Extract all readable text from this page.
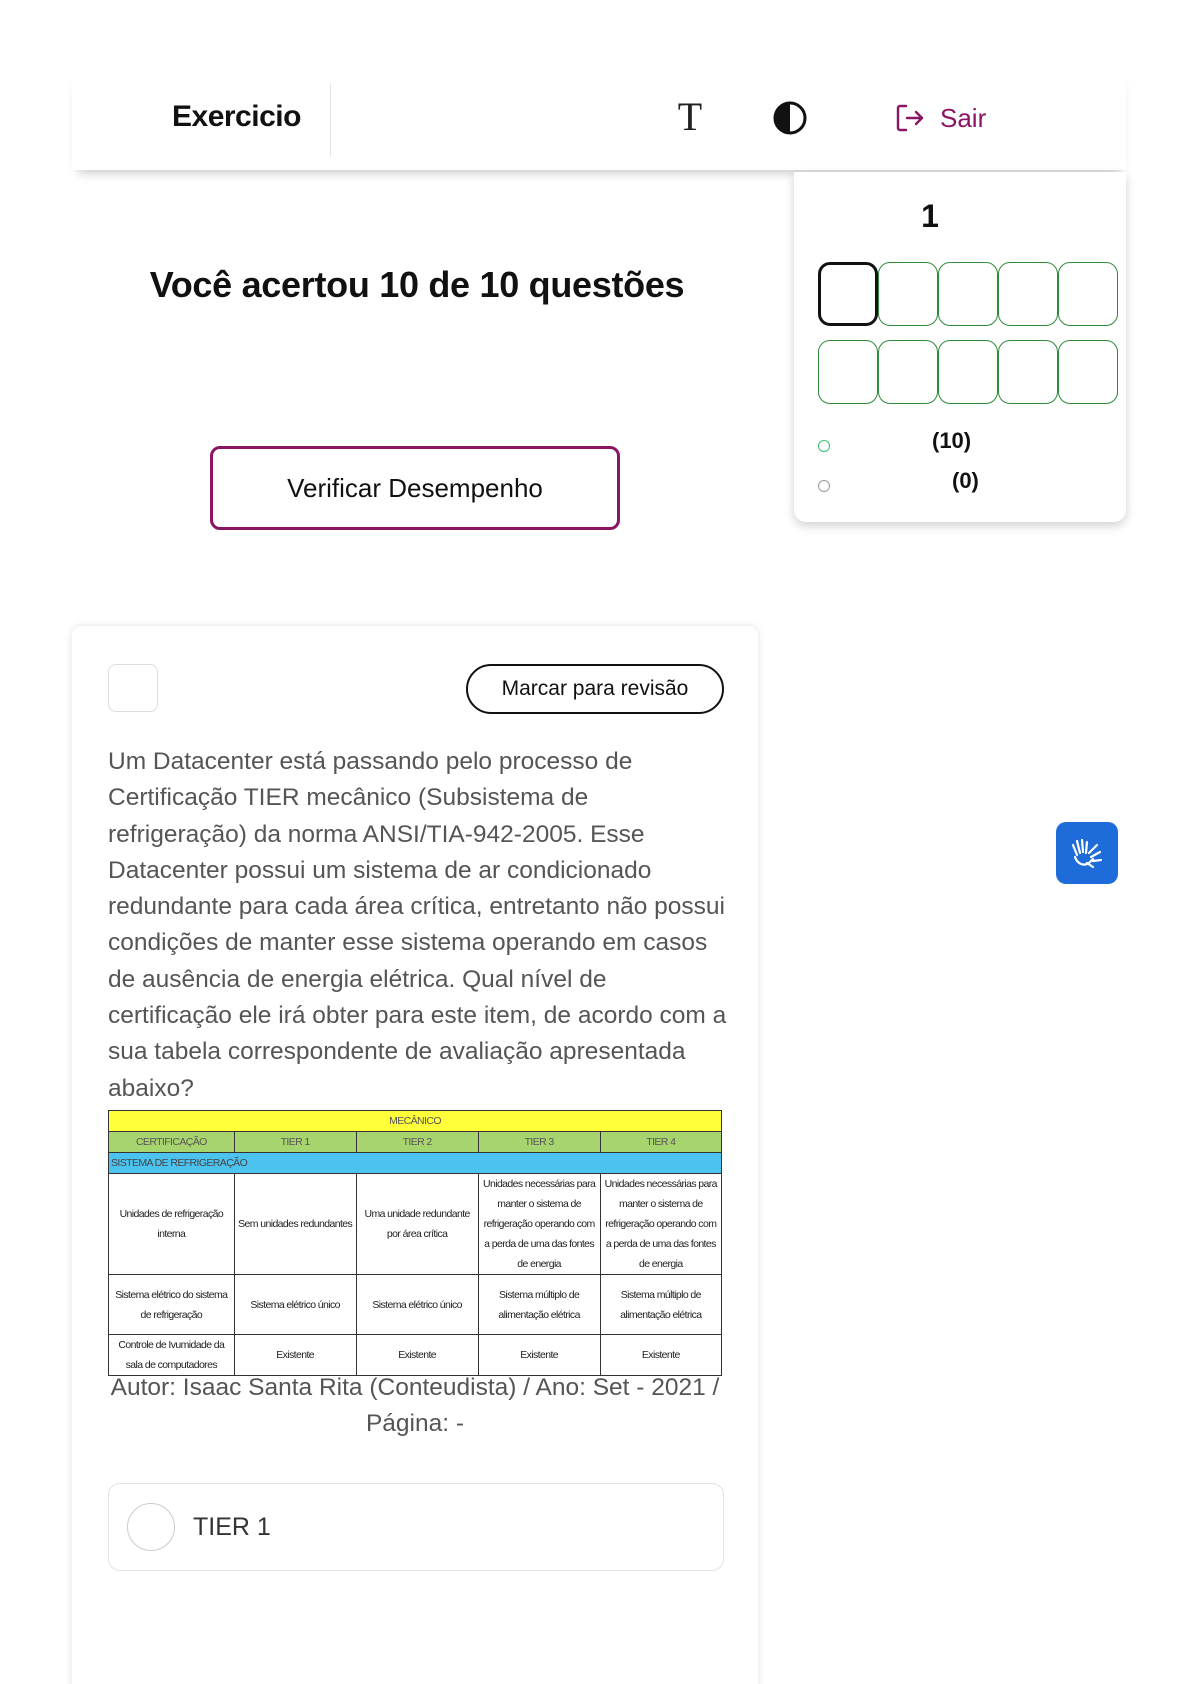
Exercicio	T	Sair
1
(10)
(0)
Você acertou 10 de 10 questões
Verificar Desempenho
Marcar para revisão
Um Datacenter está passando pelo processo de Certificação TIER mecânico (Subsistema de refrigeração) da norma ANSI/TIA-942-2005. Esse Datacenter possui um sistema de ar condicionado redundante para cada área crítica, entretanto não possui condições de manter esse sistema operando em casos de ausência de energia elétrica. Qual nível de certificação ele irá obter para este item, de acordo com a sua tabela correspondente de avaliação apresentada abaixo?
MECÂNICO				
CERTIFICAÇÃO	TIER 1	TIER 2	TIER 3	TIER 4
SISTEMA DE REFRIGERAÇÃO				
Unidades de refrigeração interna	Sem unidades redundantes	Uma unidade redundante por área crítica	Unidades necessárias para manter o sistema de refrigeração operando com a perda de uma das fontes de energia	Unidades necessárias para manter o sistema de refrigeração operando com a perda de uma das fontes de energia
Sistema elétrico do sistema de refrigeração	Sistema elétrico único	Sistema elétrico único	Sistema múltiplo de alimentação elétrica	Sistema múltiplo de alimentação elétrica
Controle de Ivumidade da sala de computadores	Existente	Existente	Existente	Existente
Autor: Isaac Santa Rita (Conteudista) / Ano: Set - 2021 / Página: -
TIER 1
